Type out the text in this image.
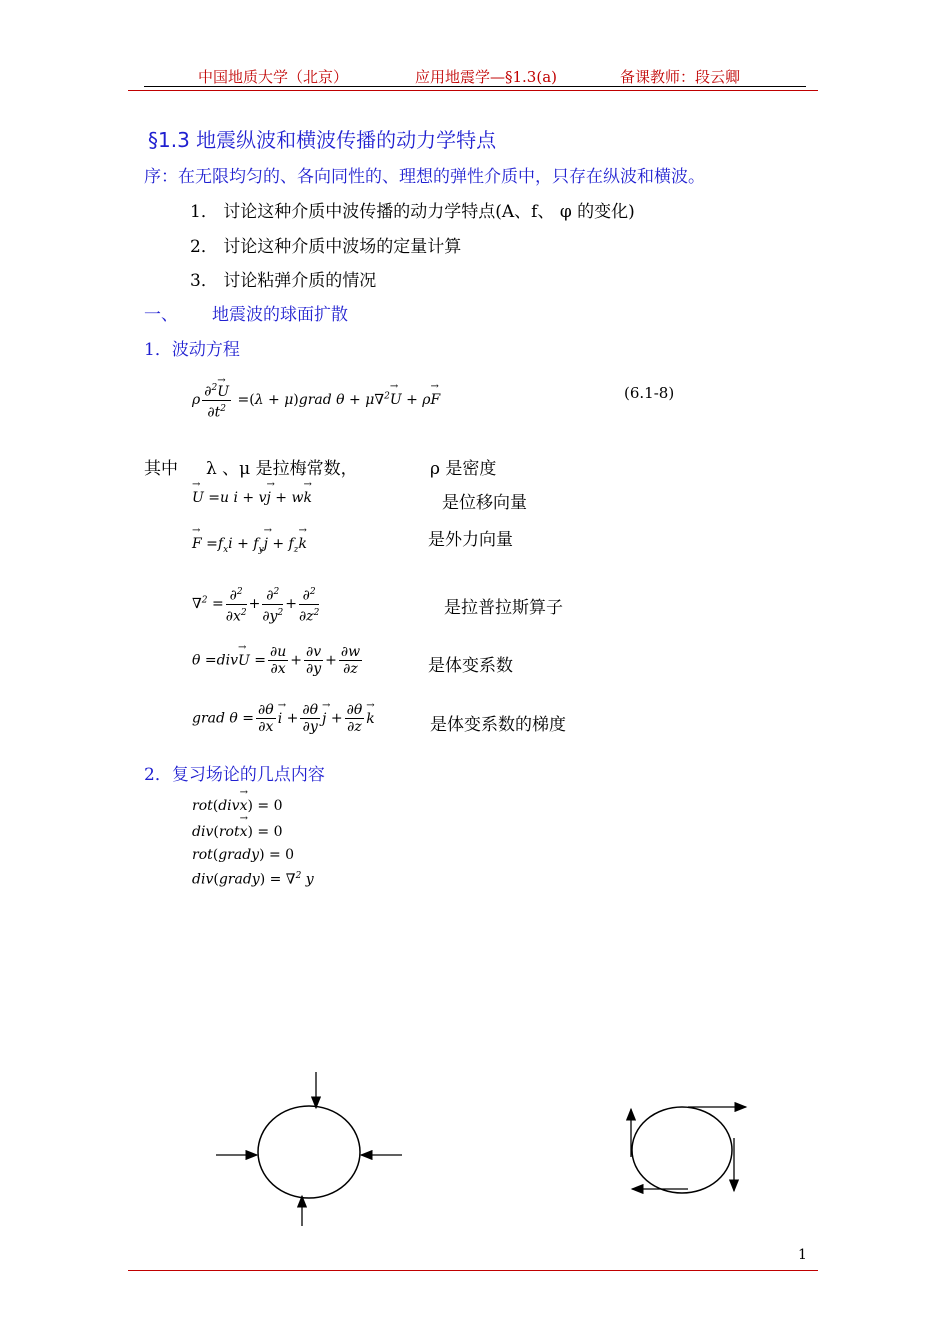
中国地质大学（北京）	应用地震学—§1.3(a)	备课教师：段云卿
§1.3 地震纵波和横波传播的动力学特点
序：在无限均匀的、各向同性的、理想的弹性介质中，只存在纵波和横波。
1． 讨论这种介质中波传播的动力学特点(A、f、 φ 的变化)
2． 讨论这种介质中波场的定量计算
3． 讨论粘弹介质的情况
一、 地震波的球面扩散
1．波动方程
ρ $\frac{\partial^2\to U}{\partial t^2} =(\lambda$ + μ)grad θ + μ∇$^2$→ U + ρ→ F	(6.1-8)
其中 λ 、μ 是拉梅常数，	ρ 是密度
→ U =u i + v→ j + w→ k	是位移向量
→ $F =f_xi + f_y\to j + f_z\to k$	是外力向量
$\nabla^2 = \frac{\partial^2}{\partial x^2} + \frac{\partial^2}{\partial y^2} + \frac{\partial^2}{\partial z^2}$	是拉普拉斯算子
$\theta =div\to U = \frac{\partial u}{\partial x} + \frac{\partial v}{\partial y} + \frac{\partial w}{\partial z}$	是体变系数
grad $\theta = \frac{\partial\theta}{\partial x}$
→ $i + \frac{\partial\theta}{\partial y}$
→ $j + \frac{\partial\theta}{\partial z}$
→ k	是体变系数的梯度
2．复习场论的几点内容
rot(div→ x) = 0
div(rot→ x) = 0
rot(grady) = 0
div(grady) = ∇$^2$ y
1
